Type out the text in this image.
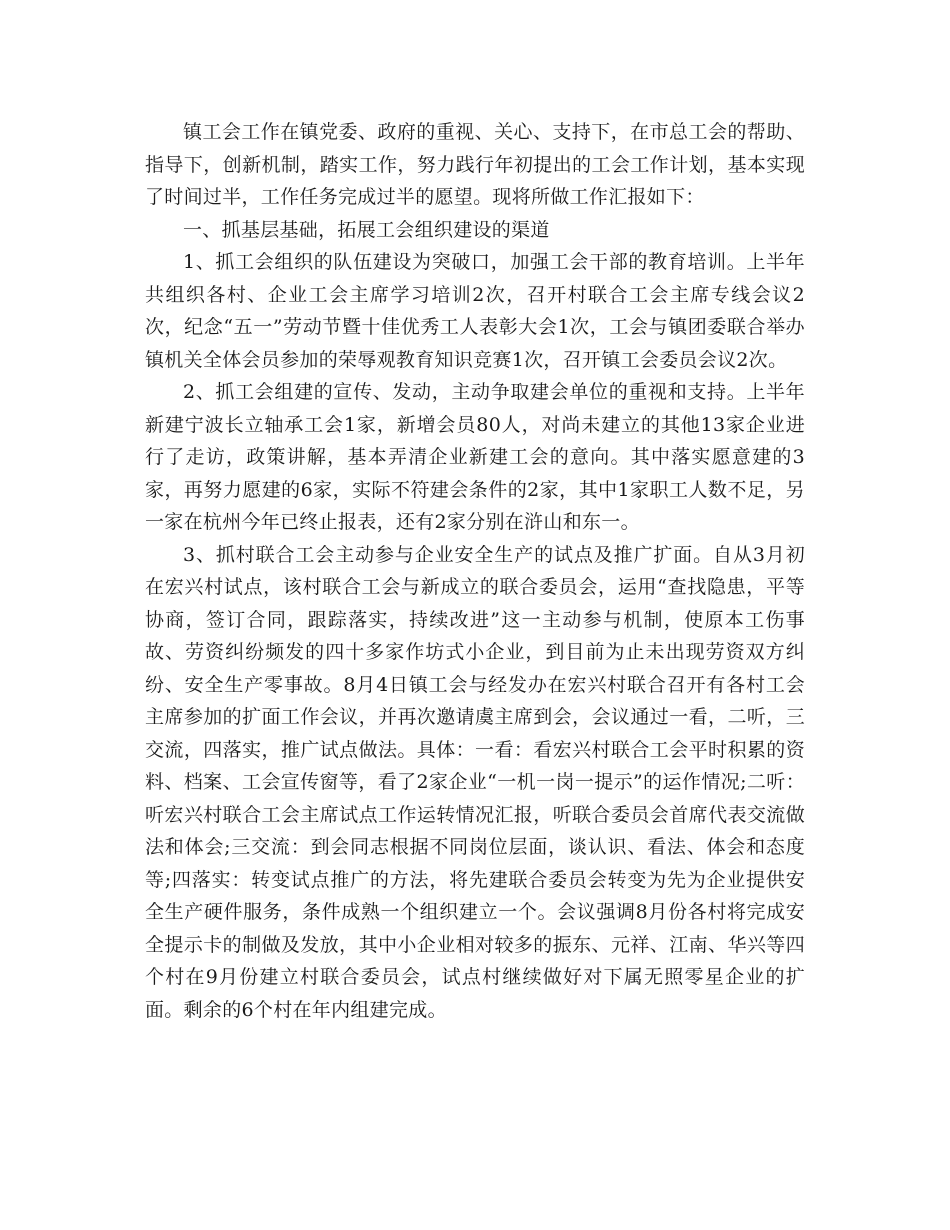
镇工会工作在镇党委、政府的重视、关心、支持下，在市总工会的帮助、指导下，创新机制，踏实工作，努力践行年初提出的工会工作计划，基本实现了时间过半，工作任务完成过半的愿望。现将所做工作汇报如下：

一、抓基层基础，拓展工会组织建设的渠道

1、抓工会组织的队伍建设为突破口，加强工会干部的教育培训。上半年共组织各村、企业工会主席学习培训2次，召开村联合工会主席专线会议2次，纪念“五一”劳动节暨十佳优秀工人表彰大会1次，工会与镇团委联合举办镇机关全体会员参加的荣辱观教育知识竞赛1次，召开镇工会委员会议2次。

2、抓工会组建的宣传、发动，主动争取建会单位的重视和支持。上半年新建宁波长立轴承工会1家，新增会员80人，对尚未建立的其他13家企业进行了走访，政策讲解，基本弄清企业新建工会的意向。其中落实愿意建的3家，再努力愿建的6家，实际不符建会条件的2家，其中1家职工人数不足，另一家在杭州今年已终止报表，还有2家分别在浒山和东一。

3、抓村联合工会主动参与企业安全生产的试点及推广扩面。自从3月初在宏兴村试点，该村联合工会与新成立的联合委员会，运用“查找隐患，平等协商，签订合同，跟踪落实，持续改进”这一主动参与机制，使原本工伤事故、劳资纠纷频发的四十多家作坊式小企业，到目前为止未出现劳资双方纠纷、安全生产零事故。8月4日镇工会与经发办在宏兴村联合召开有各村工会主席参加的扩面工作会议，并再次邀请虞主席到会，会议通过一看，二听，三交流，四落实，推广试点做法。具体：一看：看宏兴村联合工会平时积累的资料、档案、工会宣传窗等，看了2家企业“一机一岗一提示”的运作情况;二听：听宏兴村联合工会主席试点工作运转情况汇报，听联合委员会首席代表交流做法和体会;三交流：到会同志根据不同岗位层面，谈认识、看法、体会和态度等;四落实：转变试点推广的方法，将先建联合委员会转变为先为企业提供安全生产硬件服务，条件成熟一个组织建立一个。会议强调8月份各村将完成安全提示卡的制做及发放，其中小企业相对较多的振东、元祥、江南、华兴等四个村在9月份建立村联合委员会，试点村继续做好对下属无照零星企业的扩面。剩余的6个村在年内组建完成。
